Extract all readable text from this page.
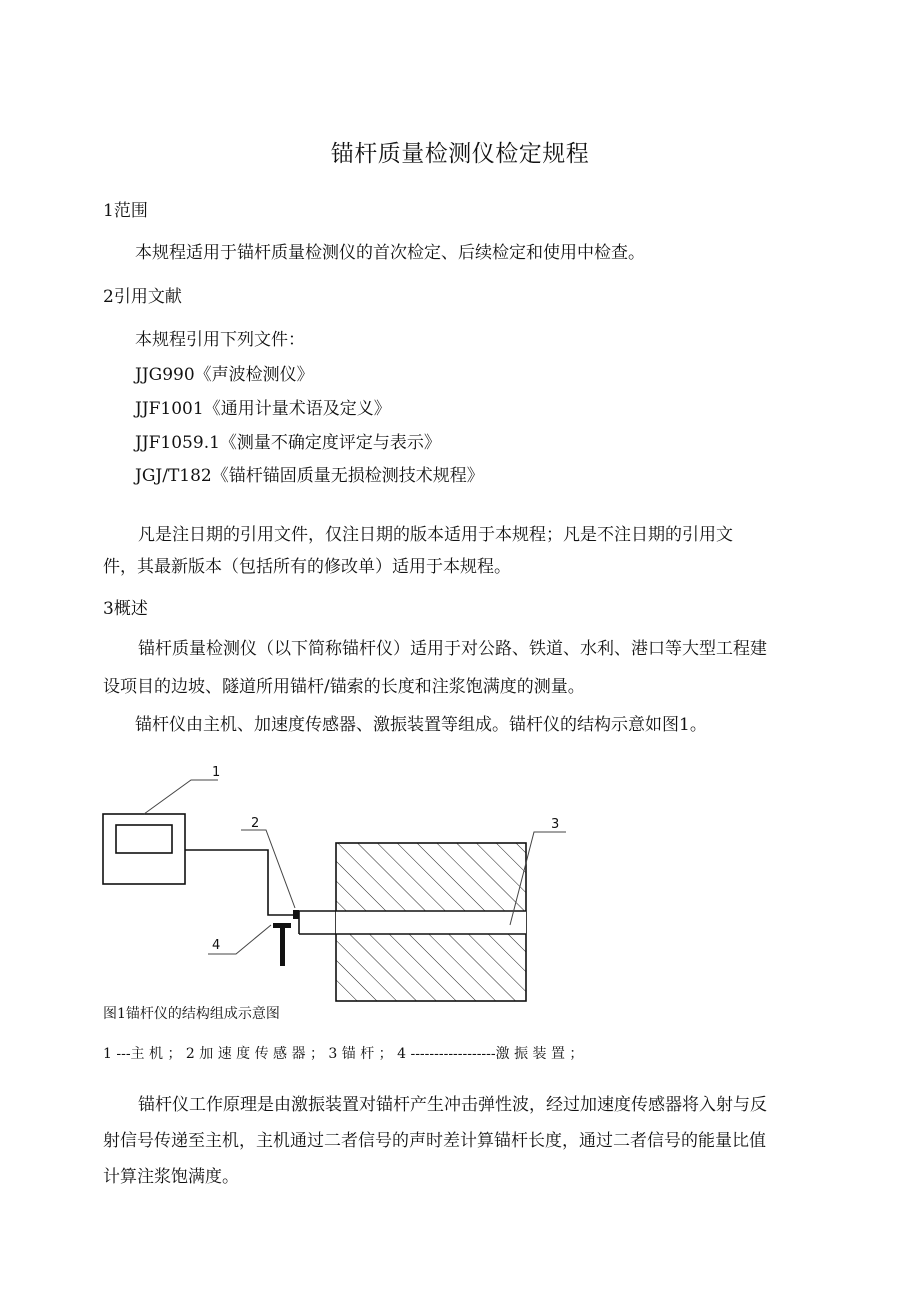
锚杆质量检测仪检定规程
1范围
本规程适用于锚杆质量检测仪的首次检定、后续检定和使用中检查。
2引用文献
本规程引用下列文件：
JJG990《声波检测仪》
JJF1001《通用计量术语及定义》
JJF1059.1《测量不确定度评定与表示》
JGJ/T182《锚杆锚固质量无损检测技术规程》
凡是注日期的引用文件，仅注日期的版本适用于本规程；凡是不注日期的引用文
件，其最新版本（包括所有的修改单）适用于本规程。
3概述
锚杆质量检测仪（以下简称锚杆仪）适用于对公路、铁道、水利、港口等大型工程建
设项目的边坡、隧道所用锚杆/锚索的长度和注浆饱满度的测量。
锚杆仪由主机、加速度传感器、激振装置等组成。锚杆仪的结构示意如图1。
1
2
4
3
图1锚杆仪的结构组成示意图
1 ---主 机 ； 2 加 速 度 传 感 器 ； 3 锚 杆 ； 4 ------------------激 振 装 置 ；
锚杆仪工作原理是由激振装置对锚杆产生冲击弹性波，经过加速度传感器将入射与反
射信号传递至主机，主机通过二者信号的声时差计算锚杆长度，通过二者信号的能量比值
计算注浆饱满度。
